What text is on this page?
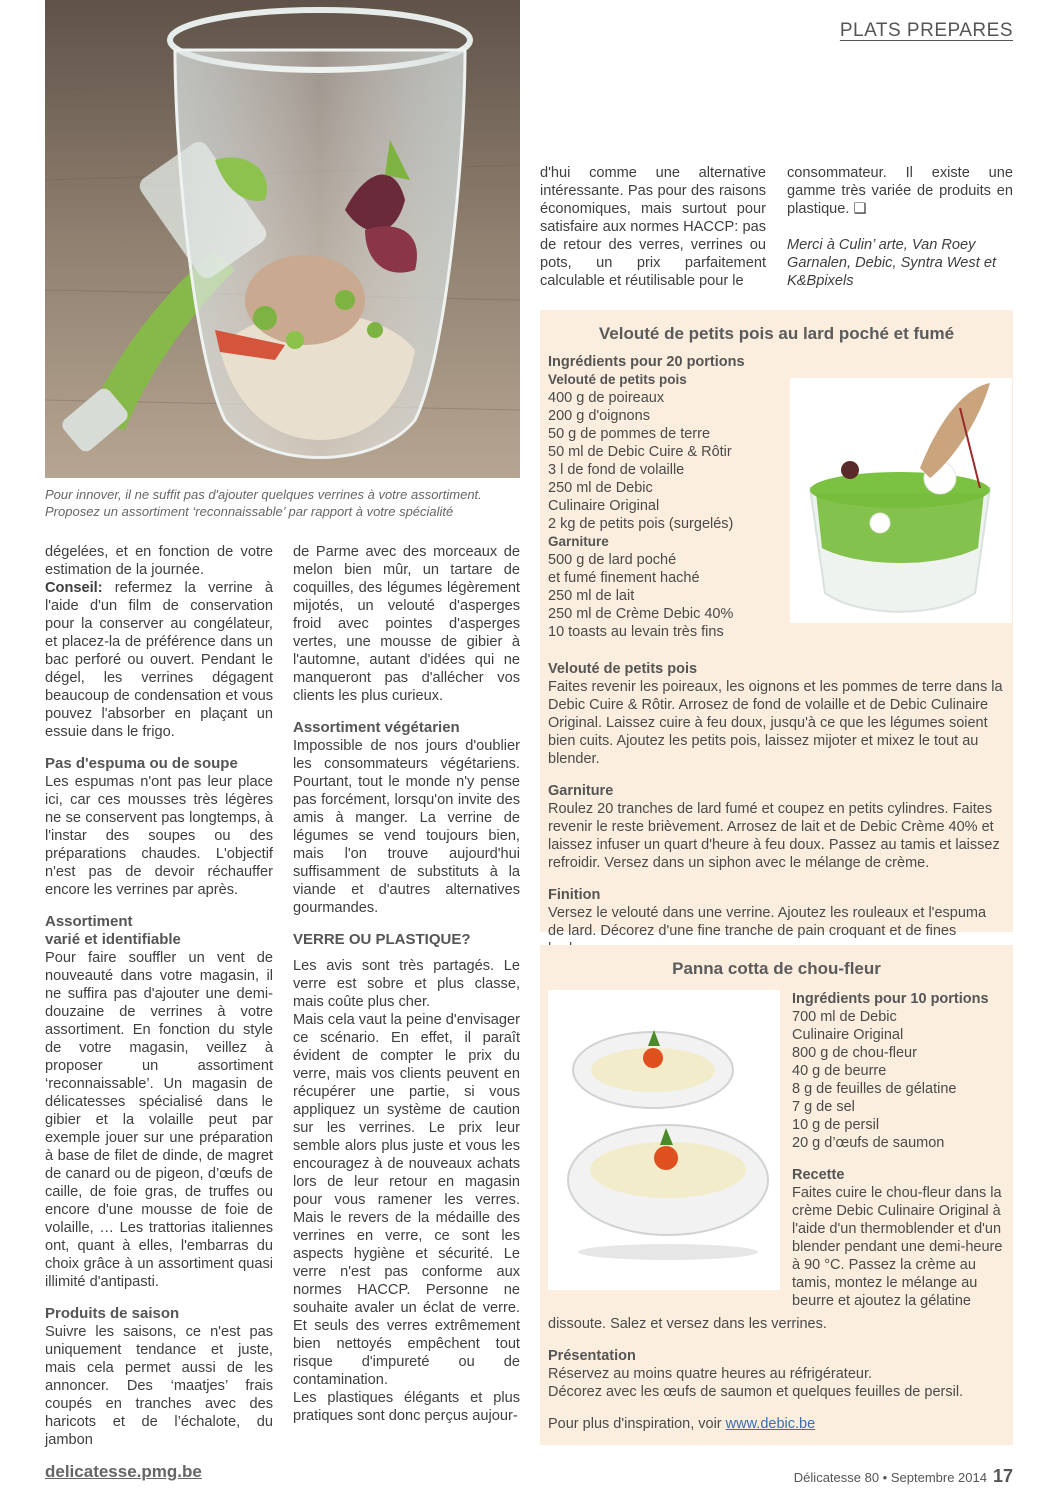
PLATS PREPARES
Pour innover, il ne suffit pas d'ajouter quelques verrines à votre assortiment.
Proposez un assortiment ‘reconnaissable’ par rapport à votre spécialité

dégelées, et en fonction de votre estimation de la journée.

Conseil: refermez la verrine à l'aide d'un film de conservation pour la conserver au congélateur, et placez-la de préférence dans un bac perforé ou ouvert. Pendant le dégel, les verrines dégagent beaucoup de condensation et vous pouvez l'absorber en plaçant un essuie dans le frigo.

Pas d'espuma ou de soupe

Les espumas n'ont pas leur place ici, car ces mousses très légères ne se conservent pas longtemps, à l'instar des soupes ou des préparations chaudes. L'objectif n'est pas de devoir réchauffer encore les verrines par après.

Assortiment

varié et identifiable

Pour faire souffler un vent de nouveauté dans votre magasin, il ne suffira pas d'ajouter une demi-douzaine de verrines à votre assortiment. En fonction du style de votre magasin, veillez à proposer un assortiment ‘reconnaissable’. Un magasin de délicatesses spécialisé dans le gibier et la volaille peut par exemple jouer sur une préparation à base de filet de dinde, de magret de canard ou de pigeon, d’œufs de caille, de foie gras, de truffes ou encore d'une mousse de foie de volaille, … Les trattorias italiennes ont, quant à elles, l'embarras du choix grâce à un assortiment quasi illimité d'antipasti.

Produits de saison

Suivre les saisons, ce n'est pas uniquement tendance et juste, mais cela permet aussi de les annoncer. Des ‘maatjes’ frais coupés en tranches avec des haricots et de l’échalote, du jambon

de Parme avec des morceaux de melon bien mûr, un tartare de coquilles, des légumes légèrement mijotés, un velouté d'asperges froid avec pointes d'asperges vertes, une mousse de gibier à l'automne, autant d'idées qui ne manqueront pas d'allécher vos clients les plus curieux.

Assortiment végétarien

Impossible de nos jours d'oublier les consommateurs végétariens. Pourtant, tout le monde n'y pense pas forcément, lorsqu'on invite des amis à manger. La verrine de légumes se vend toujours bien, mais l'on trouve aujourd'hui suffisamment de substituts à la viande et d'autres alternatives gourmandes.

VERRE OU PLASTIQUE?

Les avis sont très partagés. Le verre est sobre et plus classe, mais coûte plus cher.

Mais cela vaut la peine d'envisager ce scénario. En effet, il paraît évident de compter le prix du verre, mais vos clients peuvent en récupérer une partie, si vous appliquez un système de caution sur les verrines. Le prix leur semble alors plus juste et vous les encouragez à de nouveaux achats lors de leur retour en magasin pour vous ramener les verres. Mais le revers de la médaille des verrines en verre, ce sont les aspects hygiène et sécurité. Le verre n'est pas conforme aux normes HACCP. Personne ne souhaite avaler un éclat de verre. Et seuls des verres extrêmement bien nettoyés empêchent tout risque d'impureté ou de contamination.

Les plastiques élégants et plus pratiques sont donc perçus aujour-

d'hui comme une alternative intéressante. Pas pour des raisons économiques, mais surtout pour satisfaire aux normes HACCP: pas de retour des verres, verrines ou pots, un prix parfaitement calculable et réutilisable pour le

consommateur. Il existe une gamme très variée de produits en plastique. ❑

Merci à Culin’ arte, Van Roey Garnalen, Debic, Syntra West et K&Bpixels

Velouté de petits pois au lard poché et fumé
Ingrédients pour 20 portions
Velouté de petits pois
400 g de poireaux
200 g d'oignons
50 g de pommes de terre
50 ml de Debic Cuire & Rôtir
3 l de fond de volaille
250 ml de Debic
Culinaire Original
2 kg de petits pois (surgelés)
Garniture
500 g de lard poché
et fumé finement haché
250 ml de lait
250 ml de Crème Debic 40%
10 toasts au levain très fins
Velouté de petits pois
Faites revenir les poireaux, les oignons et les pommes de terre dans la Debic Cuire & Rôtir. Arrosez de fond de volaille et de Debic Culinaire Original. Laissez cuire à feu doux, jusqu'à ce que les légumes soient bien cuits. Ajoutez les petits pois, laissez mijoter et mixez le tout au blender.
Garniture
Roulez 20 tranches de lard fumé et coupez en petits cylindres. Faites revenir le reste brièvement. Arrosez de lait et de Debic Crème 40% et laissez infuser un quart d'heure à feu doux. Passez au tamis et laissez refroidir. Versez dans un siphon avec le mélange de crème.
Finition
Versez le velouté dans une verrine. Ajoutez les rouleaux et l'espuma de lard. Décorez d'une fine tranche de pain croquant et de fines
Panna cotta de chou-fleur
Ingrédients pour 10 portions
700 ml de Debic
Culinaire Original
800 g de chou-fleur
40 g de beurre
8 g de feuilles de gélatine
7 g de sel
10 g de persil
20 g d’œufs de saumon
Recette
Faites cuire le chou-fleur dans la crème Debic Culinaire Original à l'aide d'un thermoblender et d'un blender pendant une demi-heure à 90 °C. Passez la crème au tamis, montez le mélange au beurre et ajoutez la gélatine
dissoute. Salez et versez dans les verrines.
Présentation
Réservez au moins quatre heures au réfrigérateur.
Décorez avec les œufs de saumon et quelques feuilles de persil.
Pour plus d'inspiration, voir www.debic.be
delicatesse.pmg.be	Délicatesse 80 • Septembre 2014 17
